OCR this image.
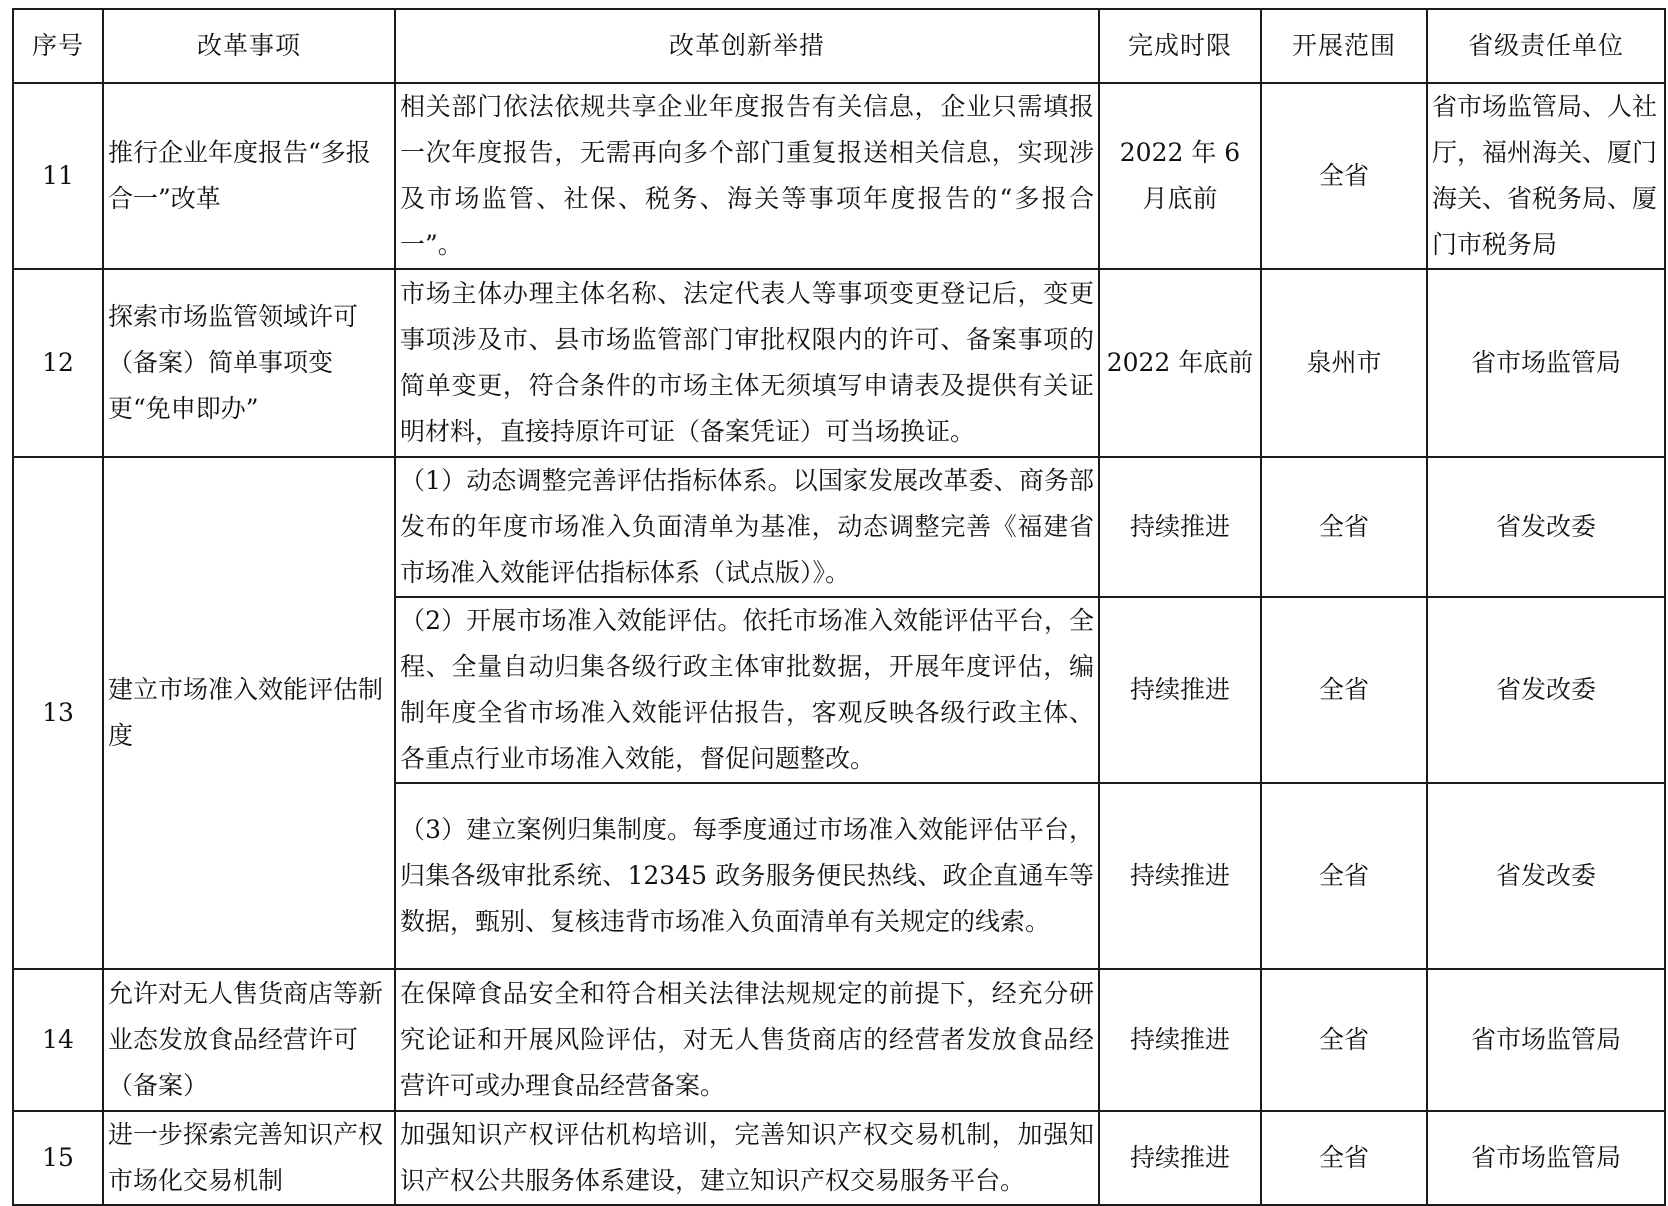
序号	改革事项	改革创新举措	完成时限	开展范围	省级责任单位
11	推行企业年度报告“多报合一”改革	相关部门依法依规共享企业年度报告有关信息，企业只需填报一次年度报告，无需再向多个部门重复报送相关信息，实现涉及市场监管、社保、税务、海关等事项年度报告的“多报合一”。	2022 年 6 月底前	全省	省市场监管局、人社厅，福州海关、厦门海关、省税务局、厦门市税务局
12	探索市场监管领域许可（备案）简单事项变更“免申即办”	市场主体办理主体名称、法定代表人等事项变更登记后，变更事项涉及市、县市场监管部门审批权限内的许可、备案事项的简单变更，符合条件的市场主体无须填写申请表及提供有关证明材料，直接持原许可证（备案凭证）可当场换证。	2022 年底前	泉州市	省市场监管局
13	建立市场准入效能评估制度	（1）动态调整完善评估指标体系。以国家发展改革委、商务部发布的年度市场准入负面清单为基准，动态调整完善《福建省市场准入效能评估指标体系（试点版）》。	持续推进	全省	省发改委
		（2）开展市场准入效能评估。依托市场准入效能评估平台，全程、全量自动归集各级行政主体审批数据，开展年度评估，编制年度全省市场准入效能评估报告，客观反映各级行政主体、各重点行业市场准入效能，督促问题整改。	持续推进	全省	省发改委
		（3）建立案例归集制度。每季度通过市场准入效能评估平台，归集各级审批系统、12345 政务服务便民热线、政企直通车等数据，甄别、复核违背市场准入负面清单有关规定的线索。	持续推进	全省	省发改委
14	允许对无人售货商店等新业态发放食品经营许可（备案）	在保障食品安全和符合相关法律法规规定的前提下，经充分研究论证和开展风险评估，对无人售货商店的经营者发放食品经营许可或办理食品经营备案。	持续推进	全省	省市场监管局
15	进一步探索完善知识产权市场化交易机制	加强知识产权评估机构培训，完善知识产权交易机制，加强知识产权公共服务体系建设，建立知识产权交易服务平台。	持续推进	全省	省市场监管局
